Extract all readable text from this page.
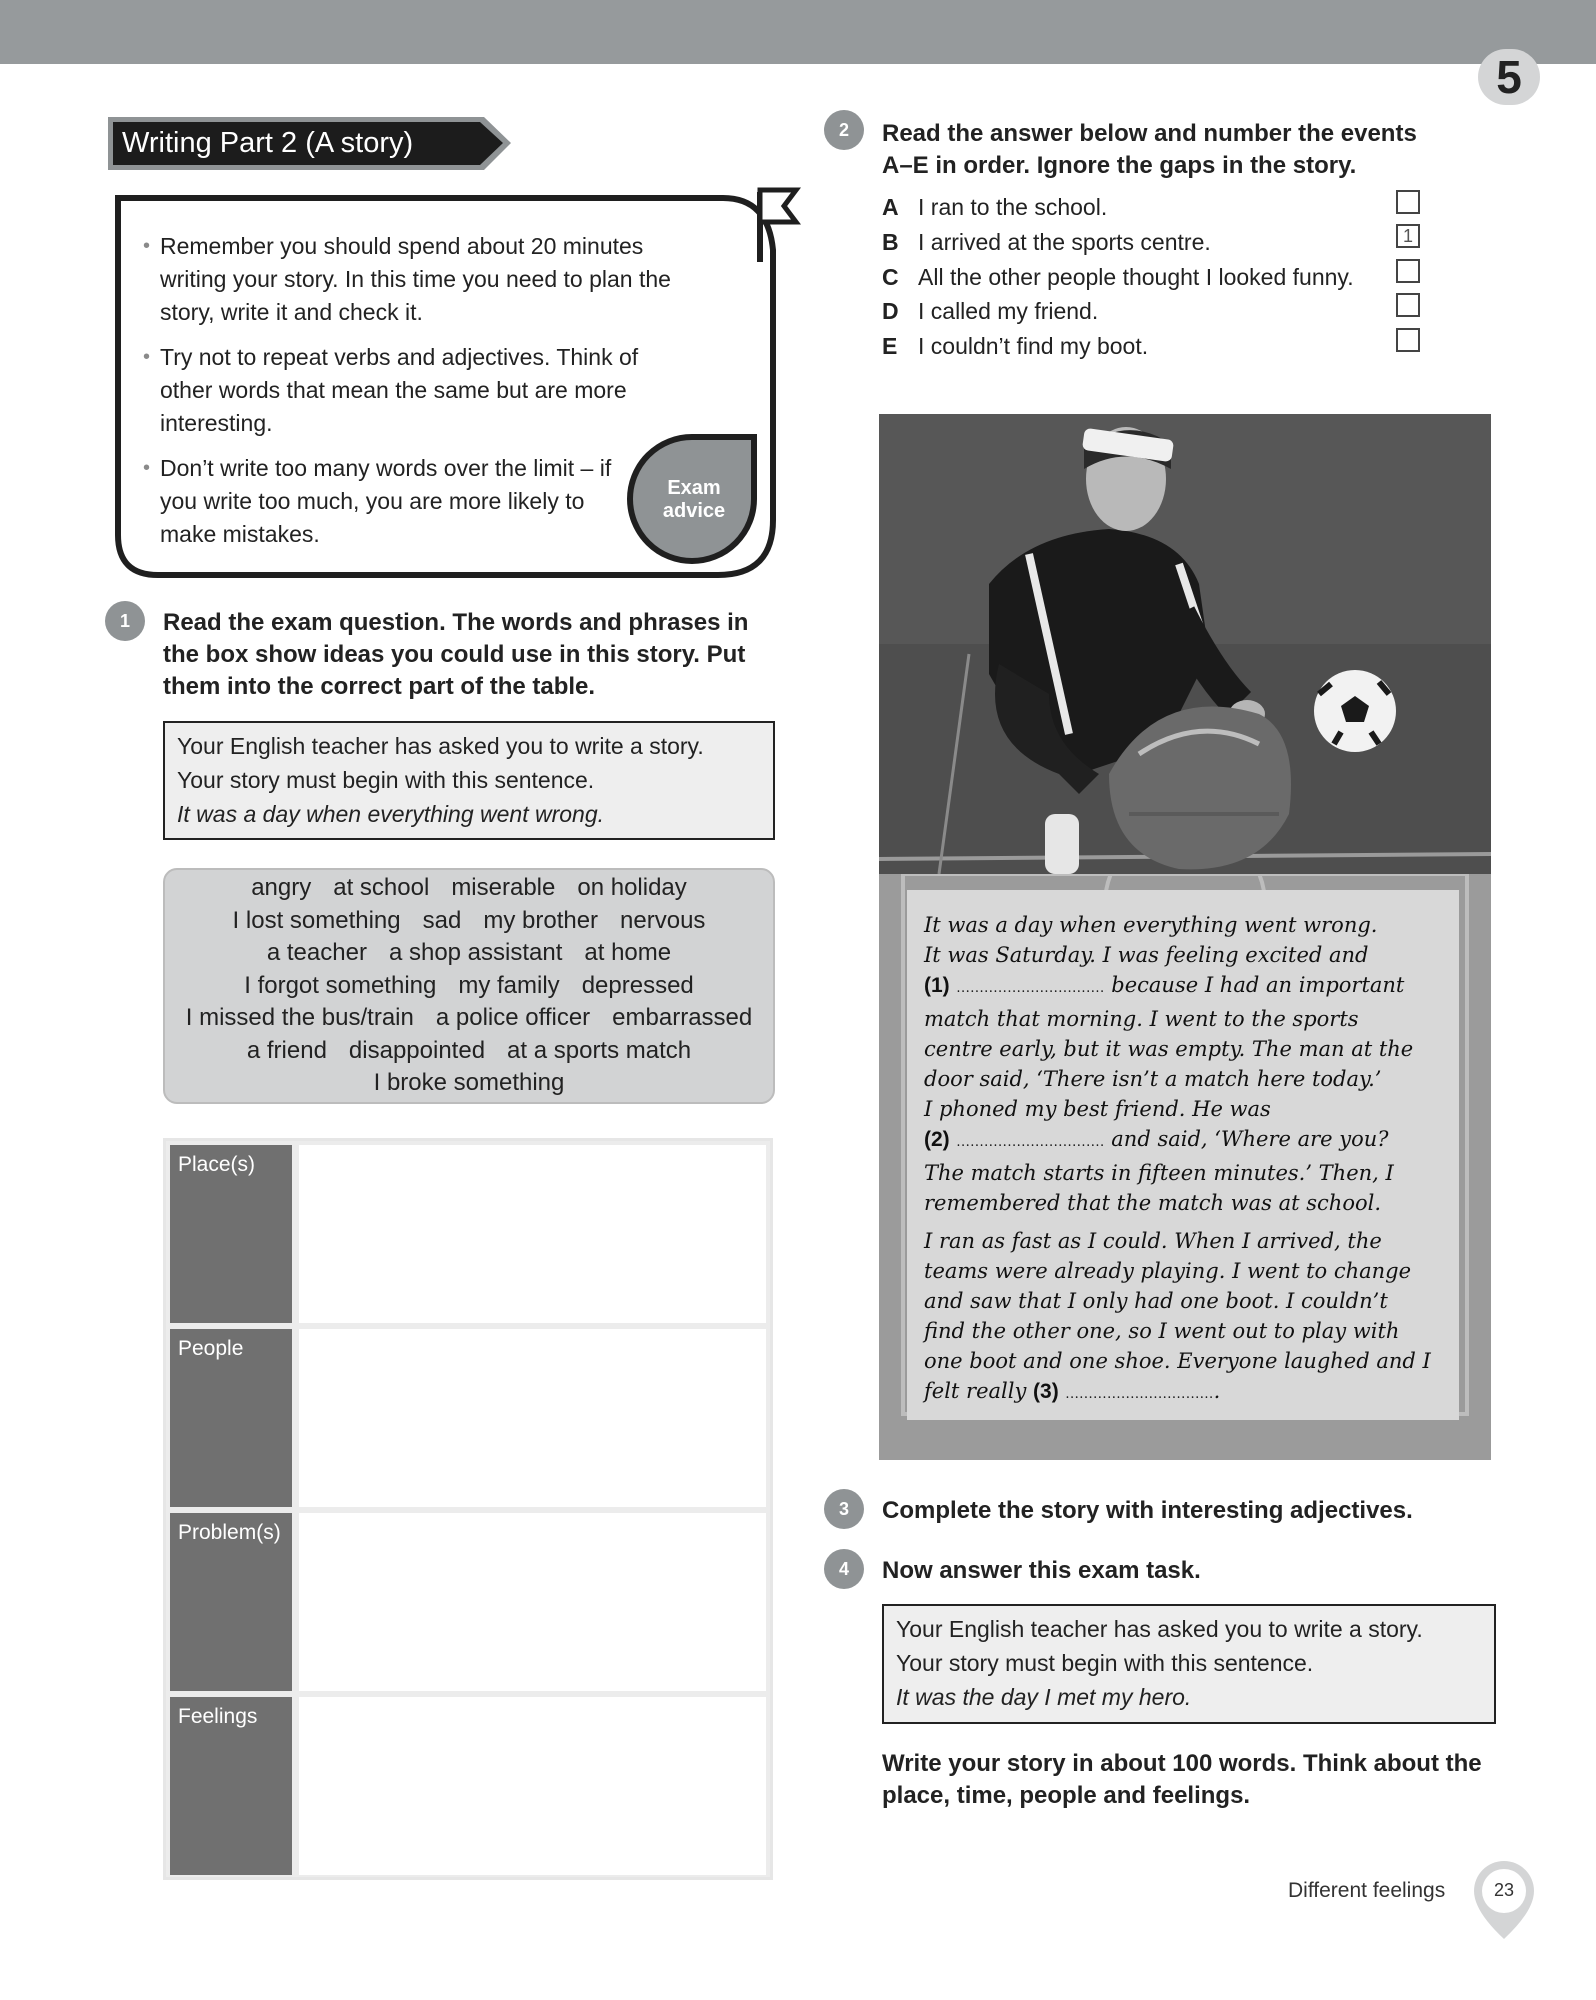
5
Writing Part 2 (A story)
• Remember you should spend about 20 minutes writing your story. In this time you need to plan the story, write it and check it.
• Try not to repeat verbs and adjectives. Think of other words that mean the same but are more interesting.
• Don’t write too many words over the limit – if you write too much, you are more likely to make mistakes.
Exam
advice
1	Read the exam question. The words and phrases in the box show ideas you could use in this story. Put them into the correct part of the table.
Your English teacher has asked you to write a story.
Your story must begin with this sentence.
It was a day when everything went wrong.
angry at school miserable on holiday
I lost something sad my brother nervous
a teacher a shop assistant at home
I forgot something my family depressed
I missed the bus/train a police officer embarrassed
a friend disappointed at a sports match
I broke something
Place(s)
People
Problem(s)
Feelings
2	Read the answer below and number the events
A–E in order. Ignore the gaps in the story.
A I ran to the school.
B I arrived at the sports centre.
C All the other people thought I looked funny.
D I called my friend.
E I couldn’t find my boot.
1

It was a day when everything went wrong.

It was Saturday. I was feeling excited and

(1) ................................ because I had an important

match that morning. I went to the sports

centre early, but it was empty. The man at the

door said, ‘There isn’t a match here today.’

I phoned my best friend. He was

(2) ................................ and said, ‘Where are you?

The match starts in fifteen minutes.’ Then, I

remembered that the match was at school.

I ran as fast as I could. When I arrived, the

teams were already playing. I went to change

and saw that I only had one boot. I couldn’t

find the other one, so I went out to play with

one boot and one shoe. Everyone laughed and I

felt really (3) .................................

3	Complete the story with interesting adjectives.
4	Now answer this exam task.
Your English teacher has asked you to write a story.
Your story must begin with this sentence.
It was the day I met my hero.
Write your story in about 100 words. Think about the
place, time, people and feelings.
Different feelings	23
